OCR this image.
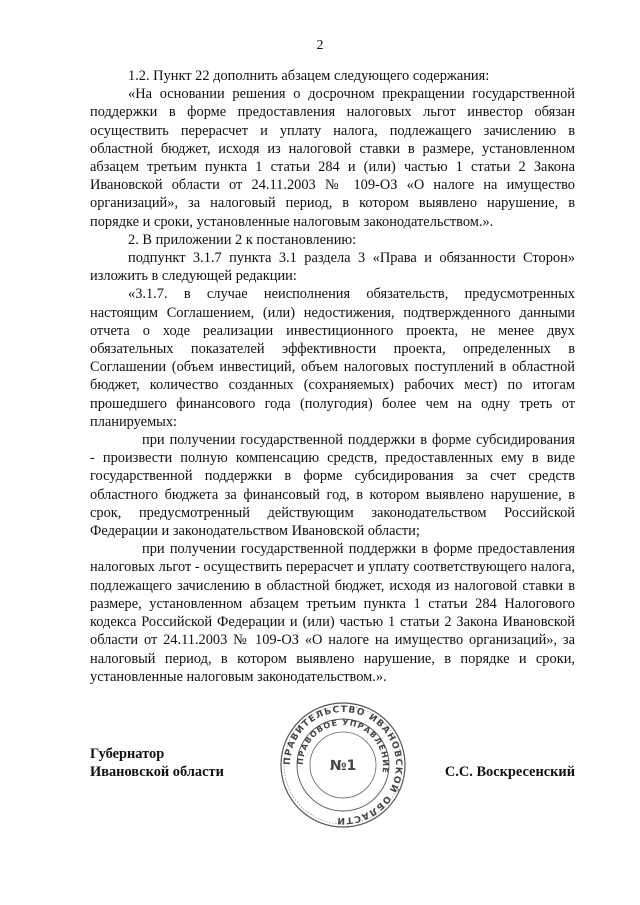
2

1.2. Пункт 22 дополнить абзацем следующего содержания:

«На основании решения о досрочном прекращении государственной поддержки в форме предоставления налоговых льгот инвестор обязан осуществить перерасчет и уплату налога, подлежащего зачислению в областной бюджет, исходя из налоговой ставки в размере, установленном абзацем третьим пункта 1 статьи 284 и (или) частью 1 статьи 2 Закона Ивановской области от 24.11.2003 № 109-ОЗ «О налоге на имущество организаций», за налоговый период, в котором выявлено нарушение, в порядке и сроки, установленные налоговым законодательством.».

2. В приложении 2 к постановлению:

подпункт 3.1.7 пункта 3.1 раздела 3 «Права и обязанности Сторон» изложить в следующей редакции:

«3.1.7. в случае неисполнения обязательств, предусмотренных настоящим Соглашением, (или) недостижения, подтвержденного данными отчета о ходе реализации инвестиционного проекта, не менее двух обязательных показателей эффективности проекта, определенных в Соглашении (объем инвестиций, объем налоговых поступлений в областной бюджет, количество созданных (сохраняемых) рабочих мест) по итогам прошедшего финансового года (полугодия) более чем на одну треть от планируемых:

при получении государственной поддержки в форме субсидирования - произвести полную компенсацию средств, предоставленных ему в виде государственной поддержки в форме субсидирования за счет средств областного бюджета за финансовый год, в котором выявлено нарушение, в срок, предусмотренный действующим законодательством Российской Федерации и законодательством Ивановской области;

при получении государственной поддержки в форме предоставления налоговых льгот - осуществить перерасчет и уплату соответствующего налога, подлежащего зачислению в областной бюджет, исходя из налоговой ставки в размере, установленном абзацем третьим пункта 1 статьи 284 Налогового кодекса Российской Федерации и (или) частью 1 статьи 2 Закона Ивановской области от 24.11.2003 № 109-ОЗ «О налоге на имущество организаций», за налоговый период, в котором выявлено нарушение, в порядке и сроки, установленные налоговым законодательством.».

Губернатор
Ивановской области
ПРАВИТЕЛЬСТВО ИВАНОВСКОЙ ОБЛАСТИ
ПРАВОВОЕ УПРАВЛЕНИЕ
№1	С.С. Воскресенский
